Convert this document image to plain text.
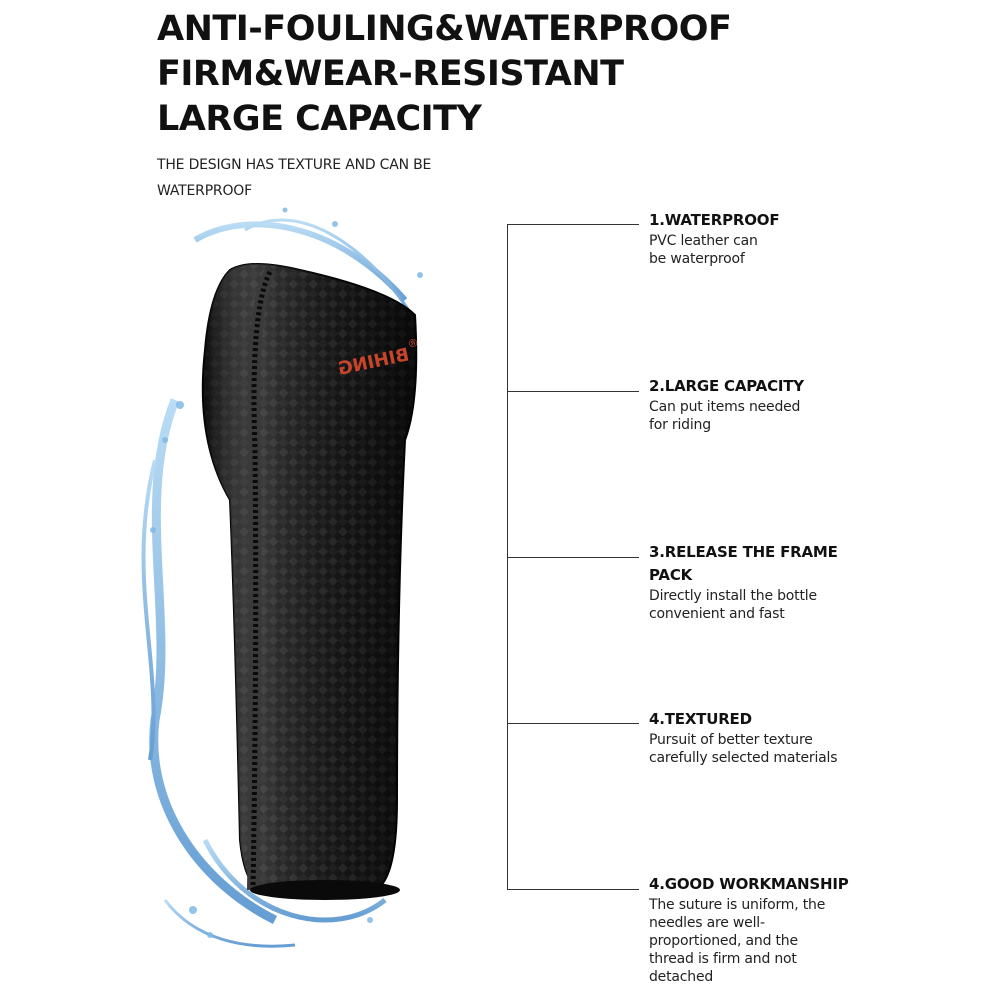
ANTI-FOULING&WATERPROOF
FIRM&WEAR-RESISTANT
LARGE CAPACITY
THE DESIGN HAS TEXTURE AND CAN BE WATERPROOF
BIHING
®
1.WATERPROOF
PVC leather can
be waterproof
2.LARGE CAPACITY
Can put items needed
for riding
3.RELEASE THE FRAME
PACK
Directly install the bottle
convenient and fast
4.TEXTURED
Pursuit of better texture
carefully selected materials
4.GOOD WORKMANSHIP
The suture is uniform, the
needles are well-
proportioned, and the
thread is firm and not
detached
